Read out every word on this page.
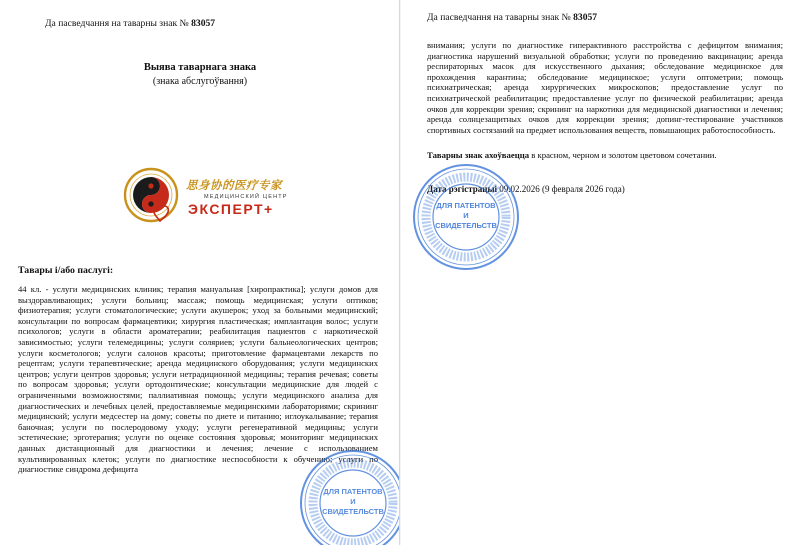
Да пасведчання на таварны знак № 83057
Выява таварнага знака
(знака абслугоўвання)
思身协的医疗专家
МЕДИЦИНСКИЙ ЦЕНТР
ЭКСПЕРТ+
Тавары і/або паслугі:
44 кл. - услуги медицинских клиник; терапия мануальная [хиропрактика]; услуги домов для выздоравливающих; услуги больниц; массаж; помощь медицинская; услуги оптиков; физиотерапия; услуги стоматологические; услуги акушерок; уход за больными медицинский; консультации по вопросам фармацевтики; хирургия пластическая; имплантация волос; услуги психологов; услуги в области ароматерапии; реабилитация пациентов с наркотической зависимостью; услуги телемедицины; услуги соляриев; услуги бальнеологических центров; услуги косметологов; услуги салонов красоты; приготовление фармацевтами лекарств по рецептам; услуги терапевтические; аренда медицинского оборудования; услуги медицинских центров; услуги центров здоровья; услуги нетрадиционной медицины; терапия речевая; советы по вопросам здоровья; услуги ортодонтические; консультации медицинские для людей с ограниченными возможностями; паллиативная помощь; услуги медицинского анализа для диагностических и лечебных целей, предоставляемые медицинскими лабораториями; скрининг медицинский; услуги медсестер на дому; советы по диете и питанию; иглоукалывание; терапия баночная; услуги по послеродовому уходу; услуги регенеративной медицины; услуги эстетические; эрготерапия; услуги по оценке состояния здоровья; мониторинг медицинских данных дистанционный для диагностики и лечения; лечение с использованием культивированных клеток; услуги по диагностике неспособности к обучению; услуги по диагностике синдрома дефицита
ДЛЯ ПАТЕНТОВ
И
СВИДЕТЕЛЬСТВ
Да пасведчання на таварны знак № 83057
внимания; услуги по диагностике гиперактивного расстройства с дефицитом внимания; диагностика нарушений визуальной обработки; услуги по проведению вакцинации; аренда респираторных масок для искусственного дыхания; обследование медицинское для прохождения карантина; обследование медицинское; услуги оптометрии; помощь психиатрическая; аренда хирургических микроскопов; предоставление услуг по психиатрической реабилитации; предоставление услуг по физической реабилитации; аренда очков для коррекции зрения; скрининг на наркотики для медицинской диагностики и лечения; аренда солнцезащитных очков для коррекции зрения; допинг-тестирование участников спортивных состязаний на предмет использования веществ, повышающих работоспособность.
Таварны знак ахоўваецца в красном, черном и золотом цветовом сочетании.
Дата рэгістрацыі 09.02.2026 (9 февраля 2026 года)
ДЛЯ ПАТЕНТОВ
И
СВИДЕТЕЛЬСТВ
